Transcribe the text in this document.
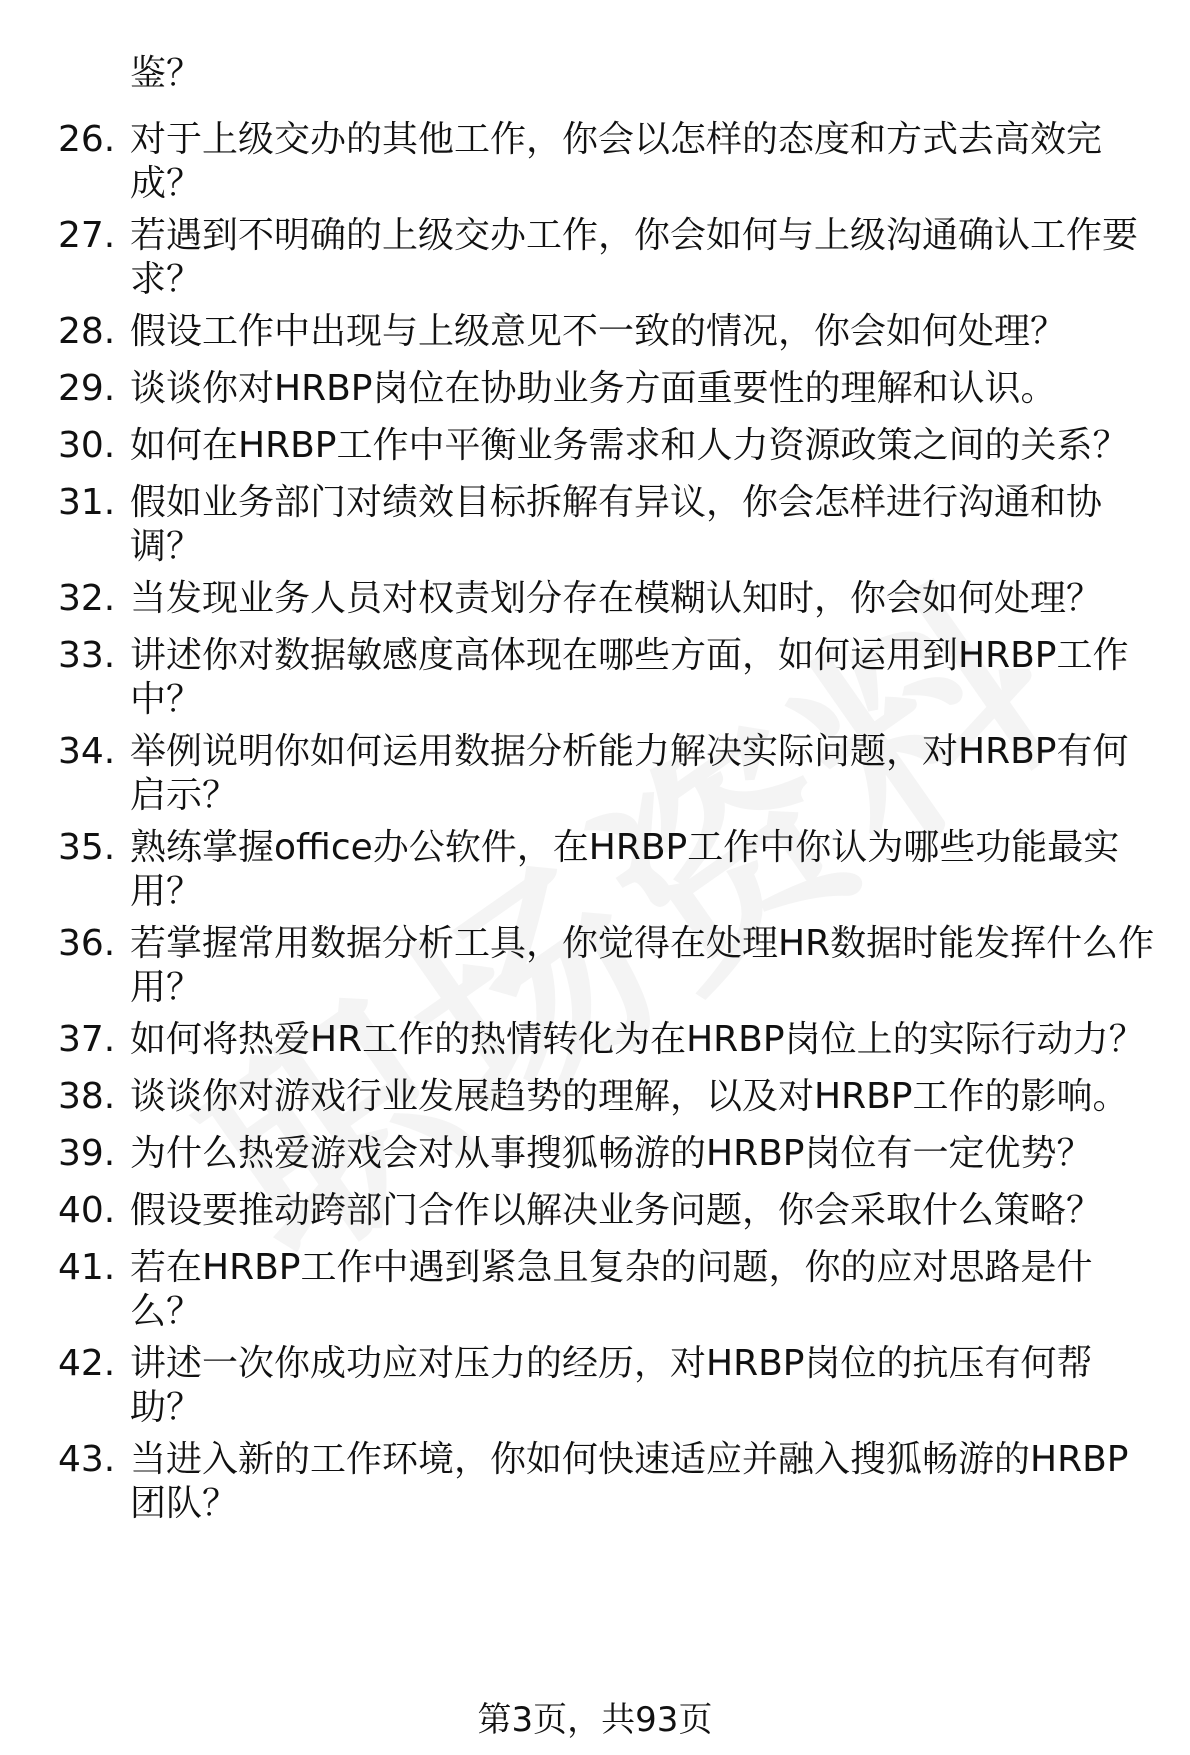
鉴？
26. 对于上级交办的其他工作，你会以怎样的态度和方式去高效完成？
27. 若遇到不明确的上级交办工作，你会如何与上级沟通确认工作要求？
28. 假设工作中出现与上级意见不一致的情况，你会如何处理？
29. 谈谈你对HRBP岗位在协助业务方面重要性的理解和认识。
30. 如何在HRBP工作中平衡业务需求和人力资源政策之间的关系？
31. 假如业务部门对绩效目标拆解有异议，你会怎样进行沟通和协调？
32. 当发现业务人员对权责划分存在模糊认知时，你会如何处理？
33. 讲述你对数据敏感度高体现在哪些方面，如何运用到HRBP工作中？
34. 举例说明你如何运用数据分析能力解决实际问题，对HRBP有何启示？
35. 熟练掌握office办公软件，在HRBP工作中你认为哪些功能最实用？
36. 若掌握常用数据分析工具，你觉得在处理HR数据时能发挥什么作用？
37. 如何将热爱HR工作的热情转化为在HRBP岗位上的实际行动力？
38. 谈谈你对游戏行业发展趋势的理解，以及对HRBP工作的影响。
39. 为什么热爱游戏会对从事搜狐畅游的HRBP岗位有一定优势？
40. 假设要推动跨部门合作以解决业务问题，你会采取什么策略？
41. 若在HRBP工作中遇到紧急且复杂的问题，你的应对思路是什么？
42. 讲述一次你成功应对压力的经历，对HRBP岗位的抗压有何帮助？
43. 当进入新的工作环境，你如何快速适应并融入搜狐畅游的HRBP团队？
第3页，共93页
